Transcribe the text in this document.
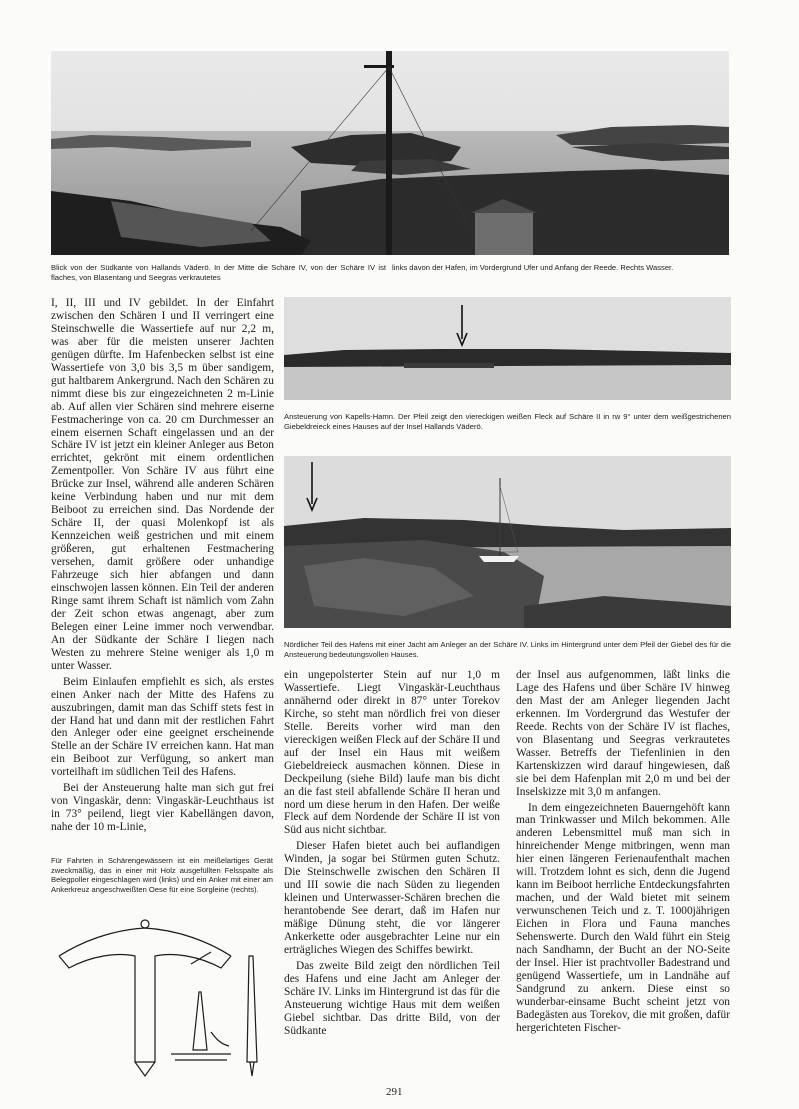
Blick von der Südkante von Hallands Väderö. In der Mitte die Schäre IV, von der Schäre IV ist flaches, von Blasentang und Seegras verkrautetes

links davon der Hafen, im Vordergrund Ufer und Anfang der Reede. Rechts Wasser.

Ansteuerung von Kapells-Hamn. Der Pfeil zeigt den viereckigen weißen Fleck auf Schäre II in rw 9° unter dem weißgestrichenen Giebeldreieck eines Hauses auf der Insel Hallands Väderö.

Nördlicher Teil des Hafens mit einer Jacht am Anleger an der Schäre IV. Links im Hintergrund unter dem Pfeil der Giebel des für die Ansteuerung bedeutungsvollen Hauses.

I, II, III und IV gebildet. In der Einfahrt zwischen den Schären I und II verringert eine Steinschwelle die Wassertiefe auf nur 2,2 m, was aber für die meisten unserer Jachten genügen dürfte. Im Hafenbecken selbst ist eine Wassertiefe von 3,0 bis 3,5 m über sandigem, gut haltbarem Ankergrund. Nach den Schären zu nimmt diese bis zur eingezeichneten 2 m-Linie ab. Auf allen vier Schären sind mehrere eiserne Festmacheringe von ca. 20 cm Durchmesser an einem eisernen Schaft eingelassen und an der Schäre IV ist jetzt ein kleiner Anleger aus Beton errichtet, gekrönt mit einem ordentlichen Zementpoller. Von Schäre IV aus führt eine Brücke zur Insel, während alle anderen Schären keine Verbindung haben und nur mit dem Beiboot zu erreichen sind. Das Nordende der Schäre II, der quasi Molenkopf ist als Kennzeichen weiß gestrichen und mit einem größeren, gut erhaltenen Festmachering versehen, damit größere oder unhandige Fahrzeuge sich hier abfangen und dann einschwojen lassen können. Ein Teil der anderen Ringe samt ihrem Schaft ist nämlich vom Zahn der Zeit schon etwas angenagt, aber zum Belegen einer Leine immer noch verwendbar. An der Südkante der Schäre I liegen nach Westen zu mehrere Steine weniger als 1,0 m unter Wasser.

Beim Einlaufen empfiehlt es sich, als erstes einen Anker nach der Mitte des Hafens zu auszubringen, damit man das Schiff stets fest in der Hand hat und dann mit der restlichen Fahrt den Anleger oder eine geeignet erscheinende Stelle an der Schäre IV erreichen kann. Hat man ein Beiboot zur Verfügung, so ankert man vorteilhaft im südlichen Teil des Hafens.

Bei der Ansteuerung halte man sich gut frei von Vingaskär, denn: Vingaskär-Leuchthaus ist in 73° peilend, liegt vier Kabellängen davon, nahe der 10 m-Linie,

Für Fahrten in Schärengewässern ist ein meißelartiges Gerät zweckmäßig, das in einer mit Holz ausgefüllten Felsspalte als Belegpoller eingeschlagen wird (links) und ein Anker mit einer am Ankerkreuz angeschweißten Oese für eine Sorgleine (rechts).

ein ungepolsterter Stein auf nur 1,0 m Wassertiefe. Liegt Vingaskär-Leuchthaus annähernd oder direkt in 87° unter Torekov Kirche, so steht man nördlich frei von dieser Stelle. Bereits vorher wird man den viereckigen weißen Fleck auf der Schäre II und auf der Insel ein Haus mit weißem Giebeldreieck ausmachen können. Diese in Deckpeilung (siehe Bild) laufe man bis dicht an die fast steil abfallende Schäre II heran und nord um diese herum in den Hafen. Der weiße Fleck auf dem Nordende der Schäre II ist von Süd aus nicht sichtbar.

Dieser Hafen bietet auch bei auflandigen Winden, ja sogar bei Stürmen guten Schutz. Die Steinschwelle zwischen den Schären II und III sowie die nach Süden zu liegenden kleinen und Unterwasser-Schären brechen die herantobende See derart, daß im Hafen nur mäßige Dünung steht, die vor längerer Ankerkette oder ausgebrachter Leine nur ein erträgliches Wiegen des Schiffes bewirkt.

Das zweite Bild zeigt den nördlichen Teil des Hafens und eine Jacht am Anleger der Schäre IV. Links im Hintergrund ist das für die Ansteuerung wichtige Haus mit dem weißen Giebel sichtbar. Das dritte Bild, von der Südkante

der Insel aus aufgenommen, läßt links die Lage des Hafens und über Schäre IV hinweg den Mast der am Anleger liegenden Jacht erkennen. Im Vordergrund das Westufer der Reede. Rechts von der Schäre IV ist flaches, von Blasentang und Seegras verkrautetes Wasser. Betreffs der Tiefenlinien in den Kartenskizzen wird darauf hingewiesen, daß sie bei dem Hafenplan mit 2,0 m und bei der Inselskizze mit 3,0 m anfangen.

In dem eingezeichneten Bauerngehöft kann man Trinkwasser und Milch bekommen. Alle anderen Lebensmittel muß man sich in hinreichender Menge mitbringen, wenn man hier einen längeren Ferienaufenthalt machen will. Trotzdem lohnt es sich, denn die Jugend kann im Beiboot herrliche Entdeckungsfahrten machen, und der Wald bietet mit seinem verwunschenen Teich und z. T. 1000jährigen Eichen in Flora und Fauna manches Sehenswerte. Durch den Wald führt ein Steig nach Sandhamn, der Bucht an der NO-Seite der Insel. Hier ist prachtvoller Badestrand und genügend Wassertiefe, um in Landnähe auf Sandgrund zu ankern. Diese einst so wunderbar-einsame Bucht scheint jetzt von Badegästen aus Torekov, die mit großen, dafür hergerichteten Fischer-

291
